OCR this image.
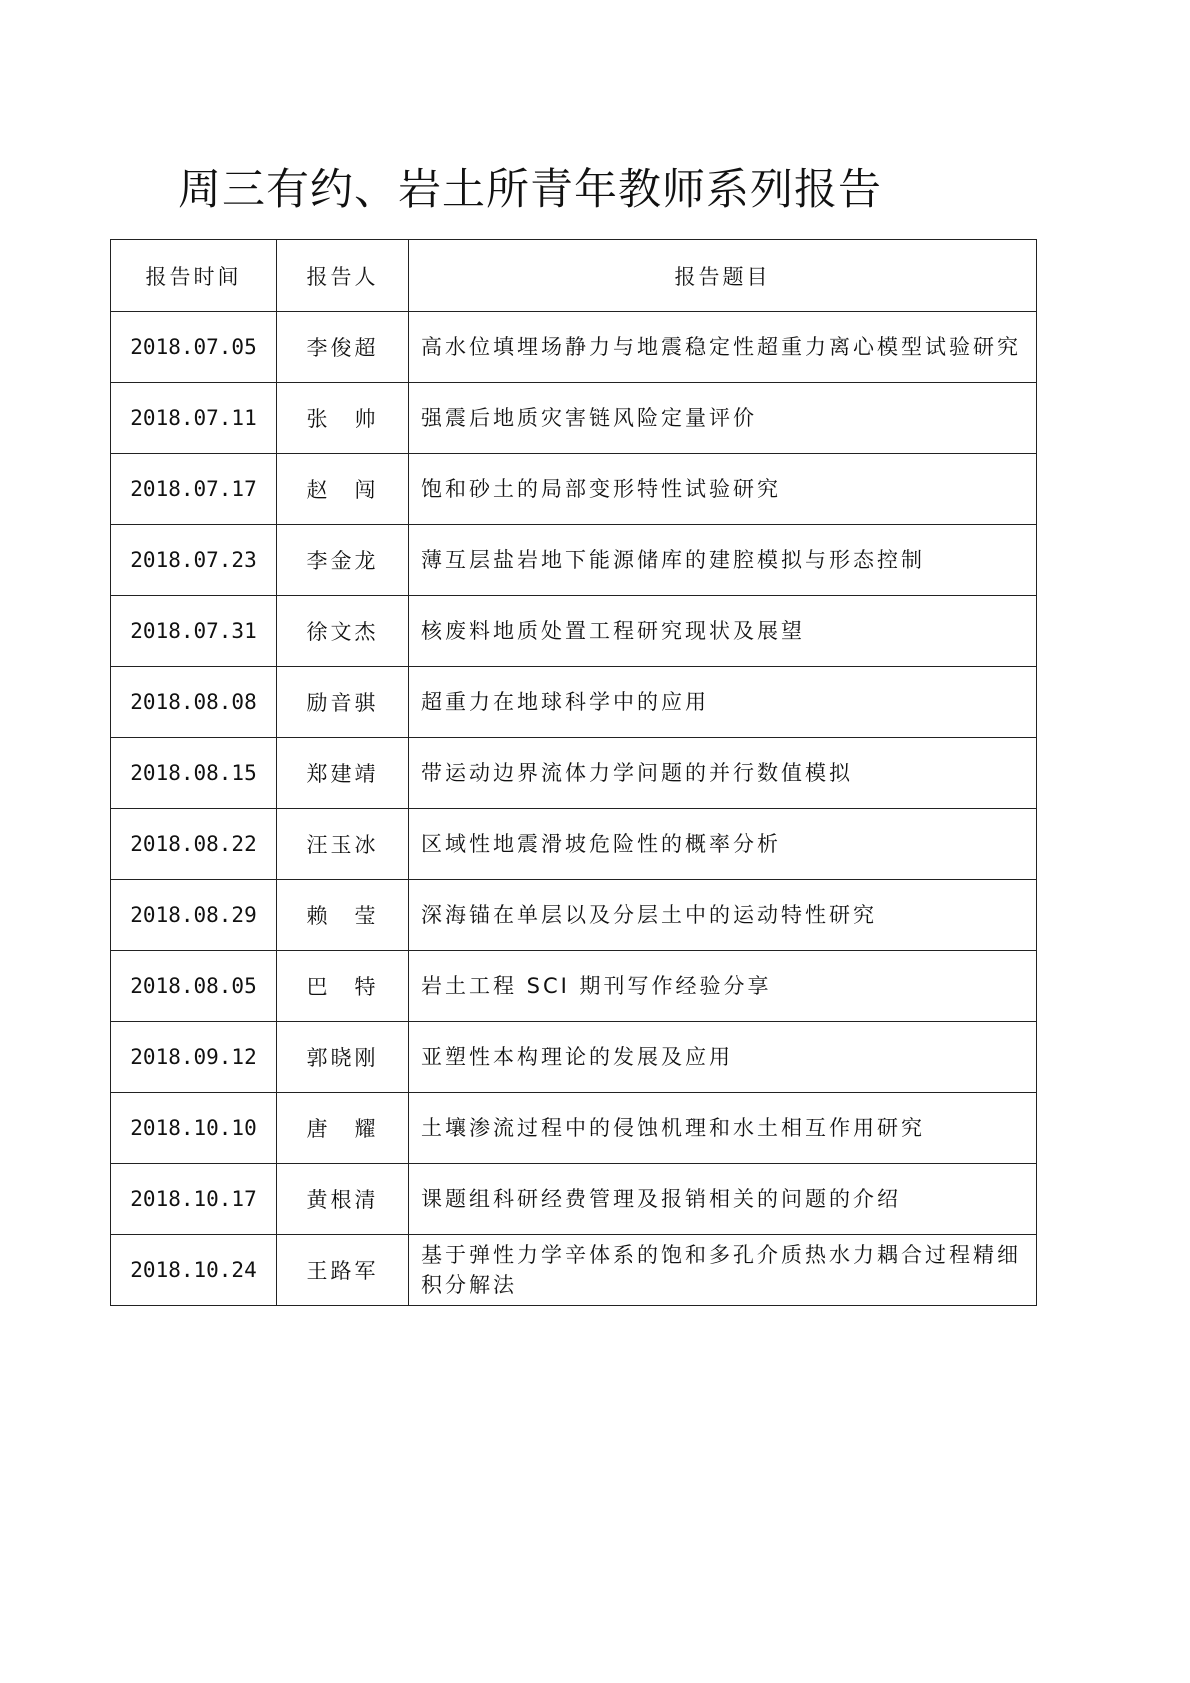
周三有约、岩土所青年教师系列报告
报告时间	报告人	报告题目
2018.07.05	李俊超	高水位填埋场静力与地震稳定性超重力离心模型试验研究
2018.07.11	张　帅	强震后地质灾害链风险定量评价
2018.07.17	赵　闯	饱和砂土的局部变形特性试验研究
2018.07.23	李金龙	薄互层盐岩地下能源储库的建腔模拟与形态控制
2018.07.31	徐文杰	核废料地质处置工程研究现状及展望
2018.08.08	励音骐	超重力在地球科学中的应用
2018.08.15	郑建靖	带运动边界流体力学问题的并行数值模拟
2018.08.22	汪玉冰	区域性地震滑坡危险性的概率分析
2018.08.29	赖　莹	深海锚在单层以及分层土中的运动特性研究
2018.08.05	巴　特	岩土工程 SCI 期刊写作经验分享
2018.09.12	郭晓刚	亚塑性本构理论的发展及应用
2018.10.10	唐　耀	土壤渗流过程中的侵蚀机理和水土相互作用研究
2018.10.17	黄根清	课题组科研经费管理及报销相关的问题的介绍
2018.10.24	王路军	基于弹性力学辛体系的饱和多孔介质热水力耦合过程精细积分解法
